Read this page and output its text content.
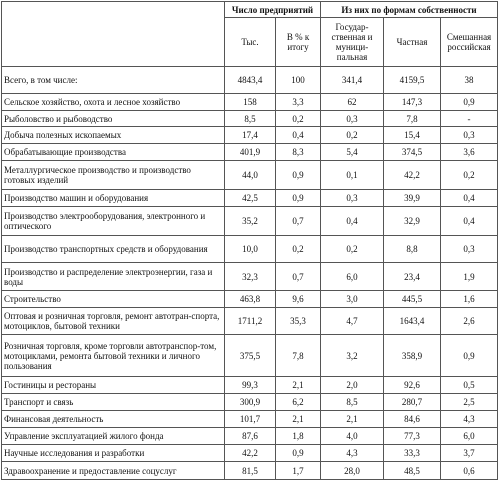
	Число предприятий		Из них по формам собственности		
	Тыс.	В % к итогу	Государ-ственная и муници-пальная	Частная	Смешанная российская
Всего, в том числе:	4843,4	100	341,4	4159,5	38
Сельское хозяйство, охота и лесное хозяйство	158	3,3	62	147,3	0,9
Рыболовство и рыбоводство	8,5	0,2	0,3	7,8	-
Добыча полезных ископаемых	17,4	0,4	0,2	15,4	0,3
Обрабатывающие производства	401,9	8,3	5,4	374,5	3,6
Металлургическое производство и производство готовых изделий	44,0	0,9	0,1	42,2	0,2
Производство машин и оборудования	42,5	0,9	0,3	39,9	0,4
Производство электрооборудования, электронного и оптического	35,2	0,7	0,4	32,9	0,4
Производство транспортных средств и оборудования	10,0	0,2	0,2	8,8	0,3
Производство и распределение электроэнергии, газа и воды	32,3	0,7	6,0	23,4	1,9
Строительство	463,8	9,6	3,0	445,5	1,6
Оптовая и розничная торговля, ремонт автотран-спорта, мотоциклов, бытовой техники	1711,2	35,3	4,7	1643,4	2,6
Розничная торговля, кроме торговли автотранспор-том, мотоциклами, ремонта бытовой техники и личного пользования	375,5	7,8	3,2	358,9	0,9
Гостиницы и рестораны	99,3	2,1	2,0	92,6	0,5
Транспорт и связь	300,9	6,2	8,5	280,7	2,5
Финансовая деятельность	101,7	2,1	2,1	84,6	4,3
Управление эксплуатацией жилого фонда	87,6	1,8	4,0	77,3	6,0
Научные исследования и разработки	42,2	0,9	4,3	33,3	3,7
Здравоохранение и предоставление соцуслуг	81,5	1,7	28,0	48,5	0,6
